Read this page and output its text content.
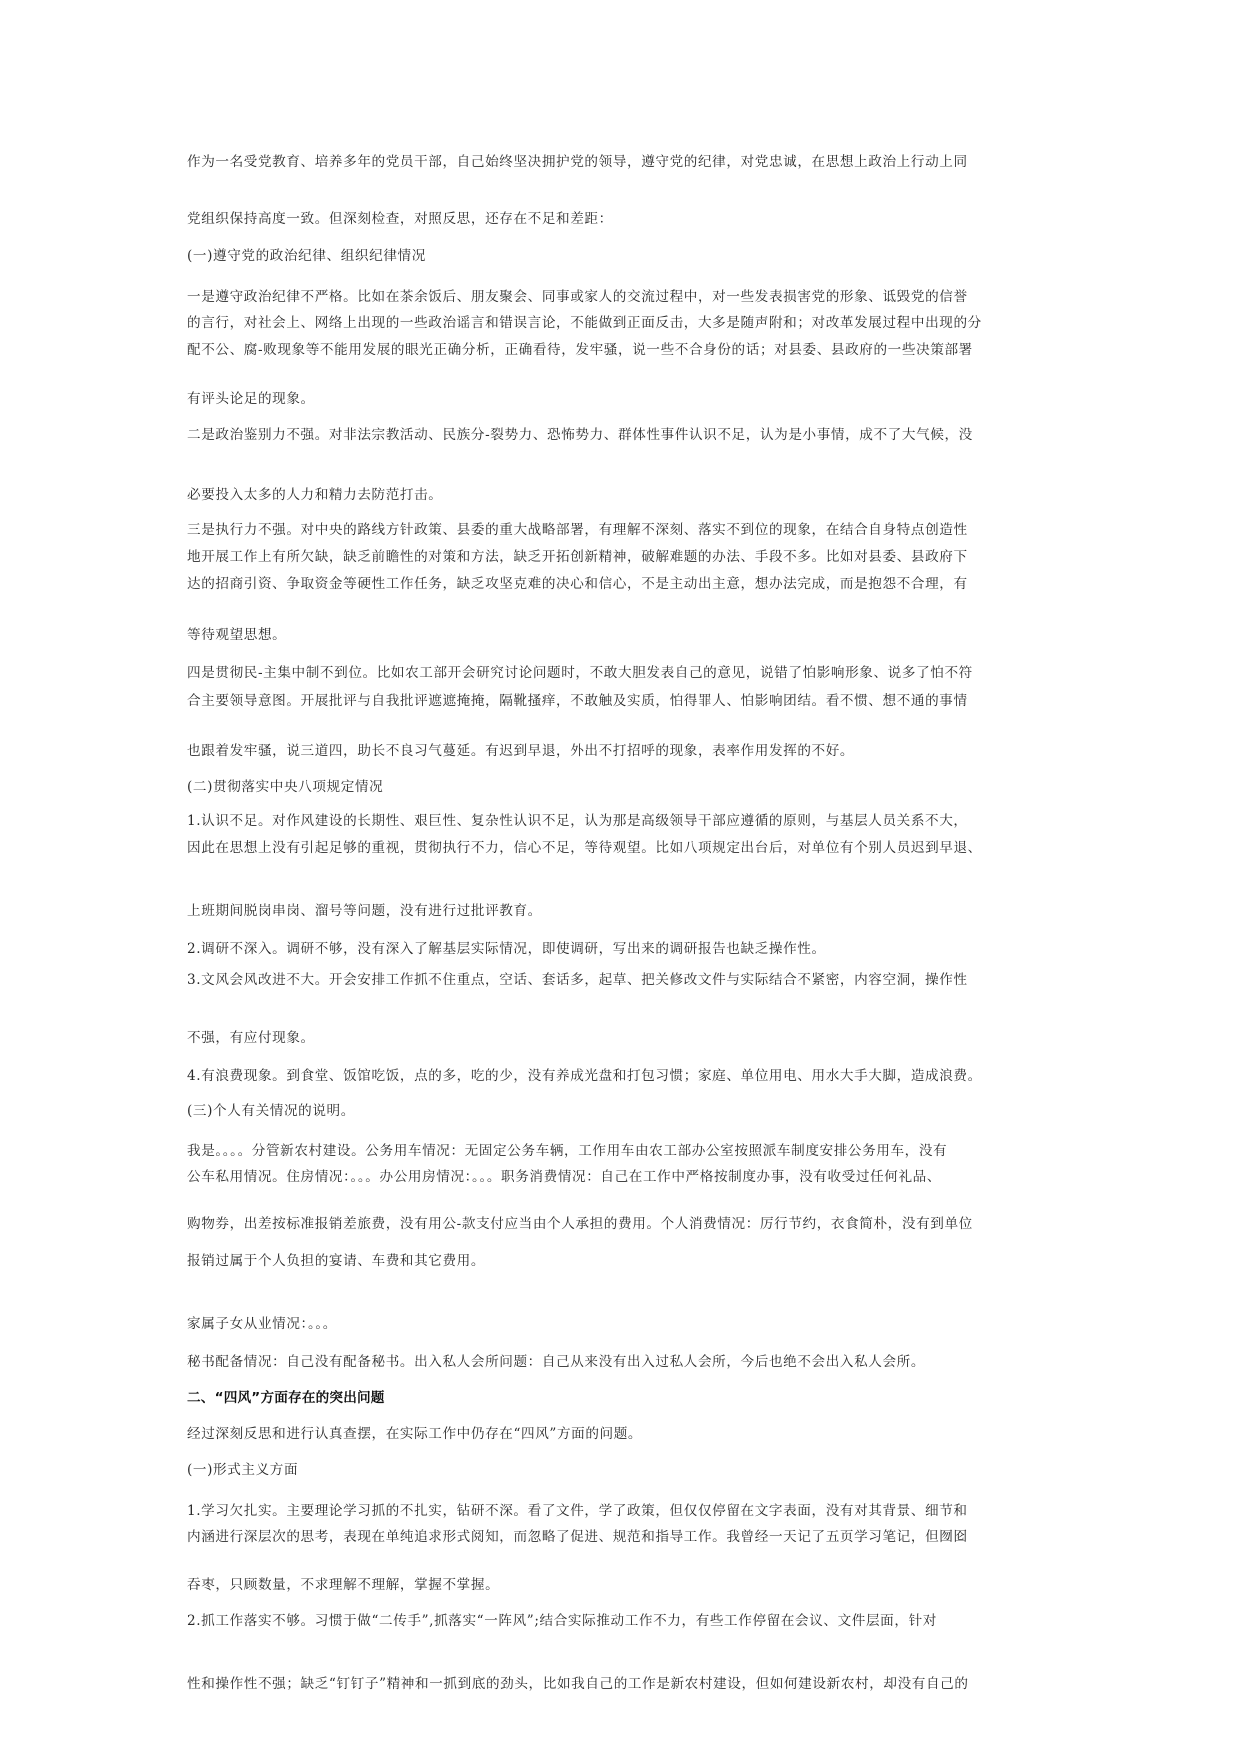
作为一名受党教育、培养多年的党员干部，自己始终坚决拥护党的领导，遵守党的纪律，对党忠诚，在思想上政治上行动上同
党组织保持高度一致。但深刻检查，对照反思，还存在不足和差距：
(一)遵守党的政治纪律、组织纪律情况
一是遵守政治纪律不严格。比如在茶余饭后、朋友聚会、同事或家人的交流过程中，对一些发表损害党的形象、诋毁党的信誉
的言行，对社会上、网络上出现的一些政治谣言和错误言论，不能做到正面反击，大多是随声附和；对改革发展过程中出现的分
配不公、腐-败现象等不能用发展的眼光正确分析，正确看待，发牢骚，说一些不合身份的话；对县委、县政府的一些决策部署
有评头论足的现象。
二是政治鉴别力不强。对非法宗教活动、民族分-裂势力、恐怖势力、群体性事件认识不足，认为是小事情，成不了大气候，没
必要投入太多的人力和精力去防范打击。
三是执行力不强。对中央的路线方针政策、县委的重大战略部署，有理解不深刻、落实不到位的现象，在结合自身特点创造性
地开展工作上有所欠缺，缺乏前瞻性的对策和方法，缺乏开拓创新精神，破解难题的办法、手段不多。比如对县委、县政府下
达的招商引资、争取资金等硬性工作任务，缺乏攻坚克难的决心和信心，不是主动出主意，想办法完成，而是抱怨不合理，有
等待观望思想。
四是贯彻民-主集中制不到位。比如农工部开会研究讨论问题时，不敢大胆发表自己的意见，说错了怕影响形象、说多了怕不符
合主要领导意图。开展批评与自我批评遮遮掩掩，隔靴搔痒，不敢触及实质，怕得罪人、怕影响团结。看不惯、想不通的事情
也跟着发牢骚，说三道四，助长不良习气蔓延。有迟到早退，外出不打招呼的现象，表率作用发挥的不好。
(二)贯彻落实中央八项规定情况
1.认识不足。对作风建设的长期性、艰巨性、复杂性认识不足，认为那是高级领导干部应遵循的原则，与基层人员关系不大，
因此在思想上没有引起足够的重视，贯彻执行不力，信心不足，等待观望。比如八项规定出台后，对单位有个别人员迟到早退、
上班期间脱岗串岗、溜号等问题，没有进行过批评教育。
2.调研不深入。调研不够，没有深入了解基层实际情况，即使调研，写出来的调研报告也缺乏操作性。
3.文风会风改进不大。开会安排工作抓不住重点，空话、套话多，起草、把关修改文件与实际结合不紧密，内容空洞，操作性
不强，有应付现象。
4.有浪费现象。到食堂、饭馆吃饭，点的多，吃的少，没有养成光盘和打包习惯；家庭、单位用电、用水大手大脚，造成浪费。
(三)个人有关情况的说明。
我是。。。。分管新农村建设。公务用车情况：无固定公务车辆，工作用车由农工部办公室按照派车制度安排公务用车，没有
公车私用情况。住房情况：。。。办公用房情况：。。。职务消费情况：自己在工作中严格按制度办事，没有收受过任何礼品、
购物券，出差按标准报销差旅费，没有用公-款支付应当由个人承担的费用。个人消费情况：厉行节约，衣食简朴，没有到单位
报销过属于个人负担的宴请、车费和其它费用。
家属子女从业情况：。。。
秘书配备情况：自己没有配备秘书。出入私人会所问题：自己从来没有出入过私人会所，今后也绝不会出入私人会所。
二、“四风”方面存在的突出问题
经过深刻反思和进行认真查摆，在实际工作中仍存在“四风”方面的问题。
(一)形式主义方面
1.学习欠扎实。主要理论学习抓的不扎实，钻研不深。看了文件，学了政策，但仅仅停留在文字表面，没有对其背景、细节和
内涵进行深层次的思考，表现在单纯追求形式阅知，而忽略了促进、规范和指导工作。我曾经一天记了五页学习笔记，但囫囵
吞枣，只顾数量，不求理解不理解，掌握不掌握。
2.抓工作落实不够。习惯于做“二传手”,抓落实“一阵风”;结合实际推动工作不力，有些工作停留在会议、文件层面，针对
性和操作性不强；缺乏“钉钉子”精神和一抓到底的劲头，比如我自己的工作是新农村建设，但如何建设新农村，却没有自己的
